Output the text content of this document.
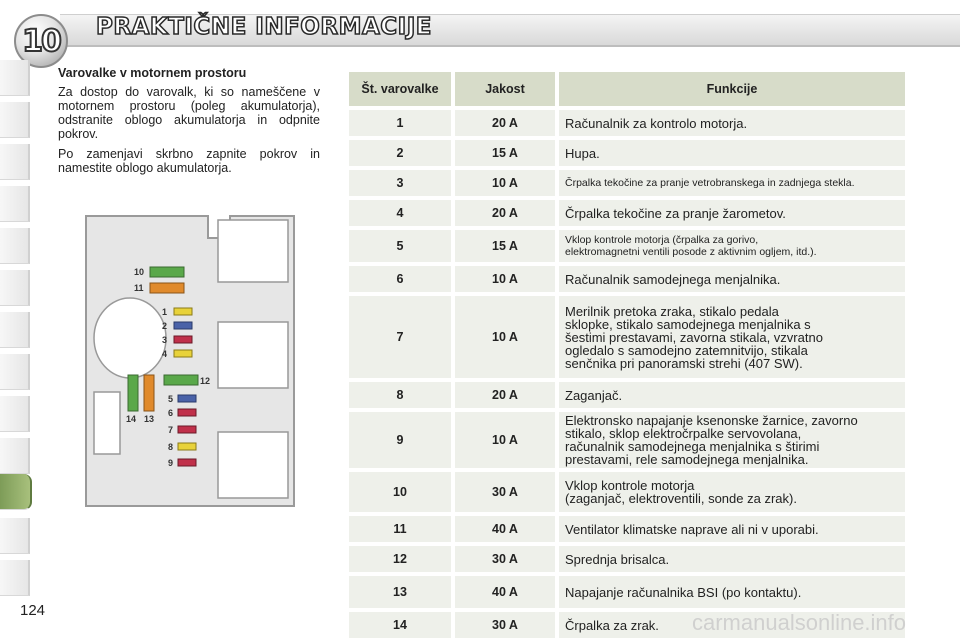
10 PRAKTIČNE INFORMACIJE
Varovalke v motornem prostoru

Za dostop do varovalk, ki so nameščene v motornem prostoru (poleg akumulatorja), odstranite oblogo akumulatorja in odpnite pokrov.

Po zamenjavi skrbno zapnite pokrov in namestite oblogo akumulatorja.

10
11
1
2
3
4
12
5
6
7
8
9
14 13
Št. varovalke		Jakost		Funkcije
1		20 A		Računalnik za kontrolo motorja.
2		15 A		Hupa.
3		10 A		Črpalka tekočine za pranje vetrobranskega in zadnjega stekla.
4		20 A		Črpalka tekočine za pranje žarometov.
5		15 A		Vklop kontrole motorja (črpalka za gorivo,
elektromagnetni ventili posode z aktivnim ogljem, itd.).
6		10 A		Računalnik samodejnega menjalnika.
7		10 A		Merilnik pretoka zraka, stikalo pedala
sklopke, stikalo samodejnega menjalnika s
šestimi prestavami, zavorna stikala, vzvratno
ogledalo s samodejno zatemnitvijo, stikala
senčnika pri panoramski strehi (407 SW).
8		20 A		Zaganjač.
9		10 A		Elektronsko napajanje ksenonske žarnice, zavorno
stikalo, sklop elektročrpalke servovolana,
računalnik samodejnega menjalnika s štirimi
prestavami, rele samodejnega menjalnika.
10		30 A		Vklop kontrole motorja
(zaganjač, elektroventili, sonde za zrak).
11		40 A		Ventilator klimatske naprave ali ni v uporabi.
12		30 A		Sprednja brisalca.
13		40 A		Napajanje računalnika BSI (po kontaktu).
14		30 A		Črpalka za zrak.
124	carmanualsonline.info
